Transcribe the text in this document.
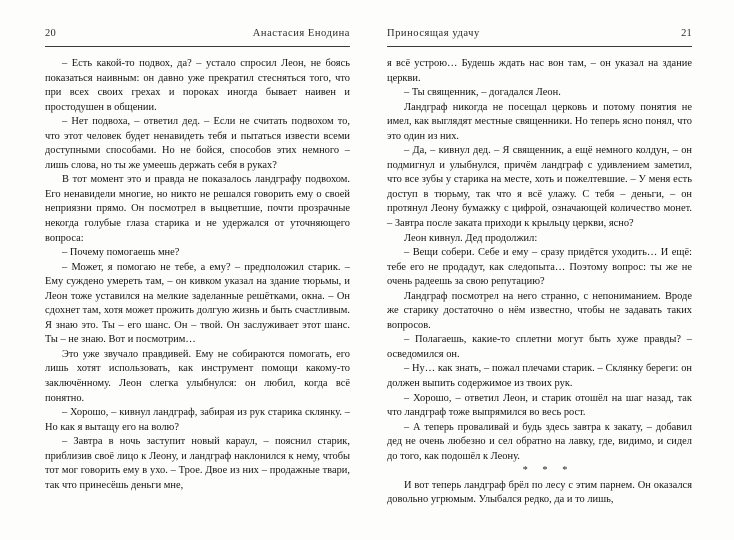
20	Анастасия Енодина

– Есть какой-то подвох, да? – устало спросил Леон, не боясь показаться наивным: он давно уже прекратил стесняться того, что при всех своих грехах и пороках иногда бывает наивен и простодушен в общении.

– Нет подвоха, – ответил дед. – Если не считать подвохом то, что этот человек будет ненавидеть тебя и пытаться извести всеми доступными способами. Но не бойся, способов этих немного – лишь слова, но ты же умеешь держать себя в руках?

В тот момент это и правда не показалось ландграфу подвохом. Его ненавидели многие, но никто не решался говорить ему о своей неприязни прямо. Он посмотрел в выцветшие, почти прозрачные некогда голубые глаза старика и не удержался от уточняющего вопроса:

– Почему помогаешь мне?

– Может, я помогаю не тебе, а ему? – предположил старик. – Ему суждено умереть там, – он кивком указал на здание тюрьмы, и Леон тоже уставился на мелкие заделанные решётками, окна. – Он сдохнет там, хотя может прожить долгую жизнь и быть счастливым. Я знаю это. Ты – его шанс. Он – твой. Он заслуживает этот шанс. Ты – не знаю. Вот и посмотрим…

Это уже звучало правдивей. Ему не собираются помогать, его лишь хотят использовать, как инструмент помощи какому-то заключённому. Леон слегка улыбнулся: он любил, когда всё понятно.

– Хорошо, – кивнул ландграф, забирая из рук старика склянку. – Но как я вытащу его на волю?

– Завтра в ночь заступит новый караул, – пояснил старик, приблизив своё лицо к Леону, и ландграф наклонился к нему, чтобы тот мог говорить ему в ухо. – Трое. Двое из них – продажные твари, так что принесёшь деньги мне,

Приносящая удачу	21

я всё устрою… Будешь ждать нас вон там, – он указал на здание церкви.

– Ты священник, – догадался Леон.

Ландграф никогда не посещал церковь и потому понятия не имел, как выглядят местные священники. Но теперь ясно понял, что это один из них.

– Да, – кивнул дед. – Я священник, а ещё немного колдун, – он подмигнул и улыбнулся, причём ландграф с удивлением заметил, что все зубы у старика на месте, хоть и пожелтевшие. – У меня есть доступ в тюрьму, так что я всё улажу. С тебя – деньги, – он протянул Леону бумажку с цифрой, означающей количество монет. – Завтра после заката приходи к крыльцу церкви, ясно?

Леон кивнул. Дед продолжил:

– Вещи собери. Себе и ему – сразу придётся уходить… И ещё: тебе его не продадут, как следопыта… Поэтому вопрос: ты же не очень радеешь за свою репутацию?

Ландграф посмотрел на него странно, с непониманием. Вроде же старику достаточно о нём известно, чтобы не задавать таких вопросов.

– Полагаешь, какие-то сплетни могут быть хуже правды? – осведомился он.

– Ну… как знать, – пожал плечами старик. – Склянку береги: он должен выпить содержимое из твоих рук.

– Хорошо, – ответил Леон, и старик отошёл на шаг назад, так что ландграф тоже выпрямился во весь рост.

– А теперь проваливай и будь здесь завтра к закату, – добавил дед не очень любезно и сел обратно на лавку, где, видимо, и сидел до того, как подошёл к Леону.

* * *

И вот теперь ландграф брёл по лесу с этим парнем. Он оказался довольно угрюмым. Улыбался редко, да и то лишь,
